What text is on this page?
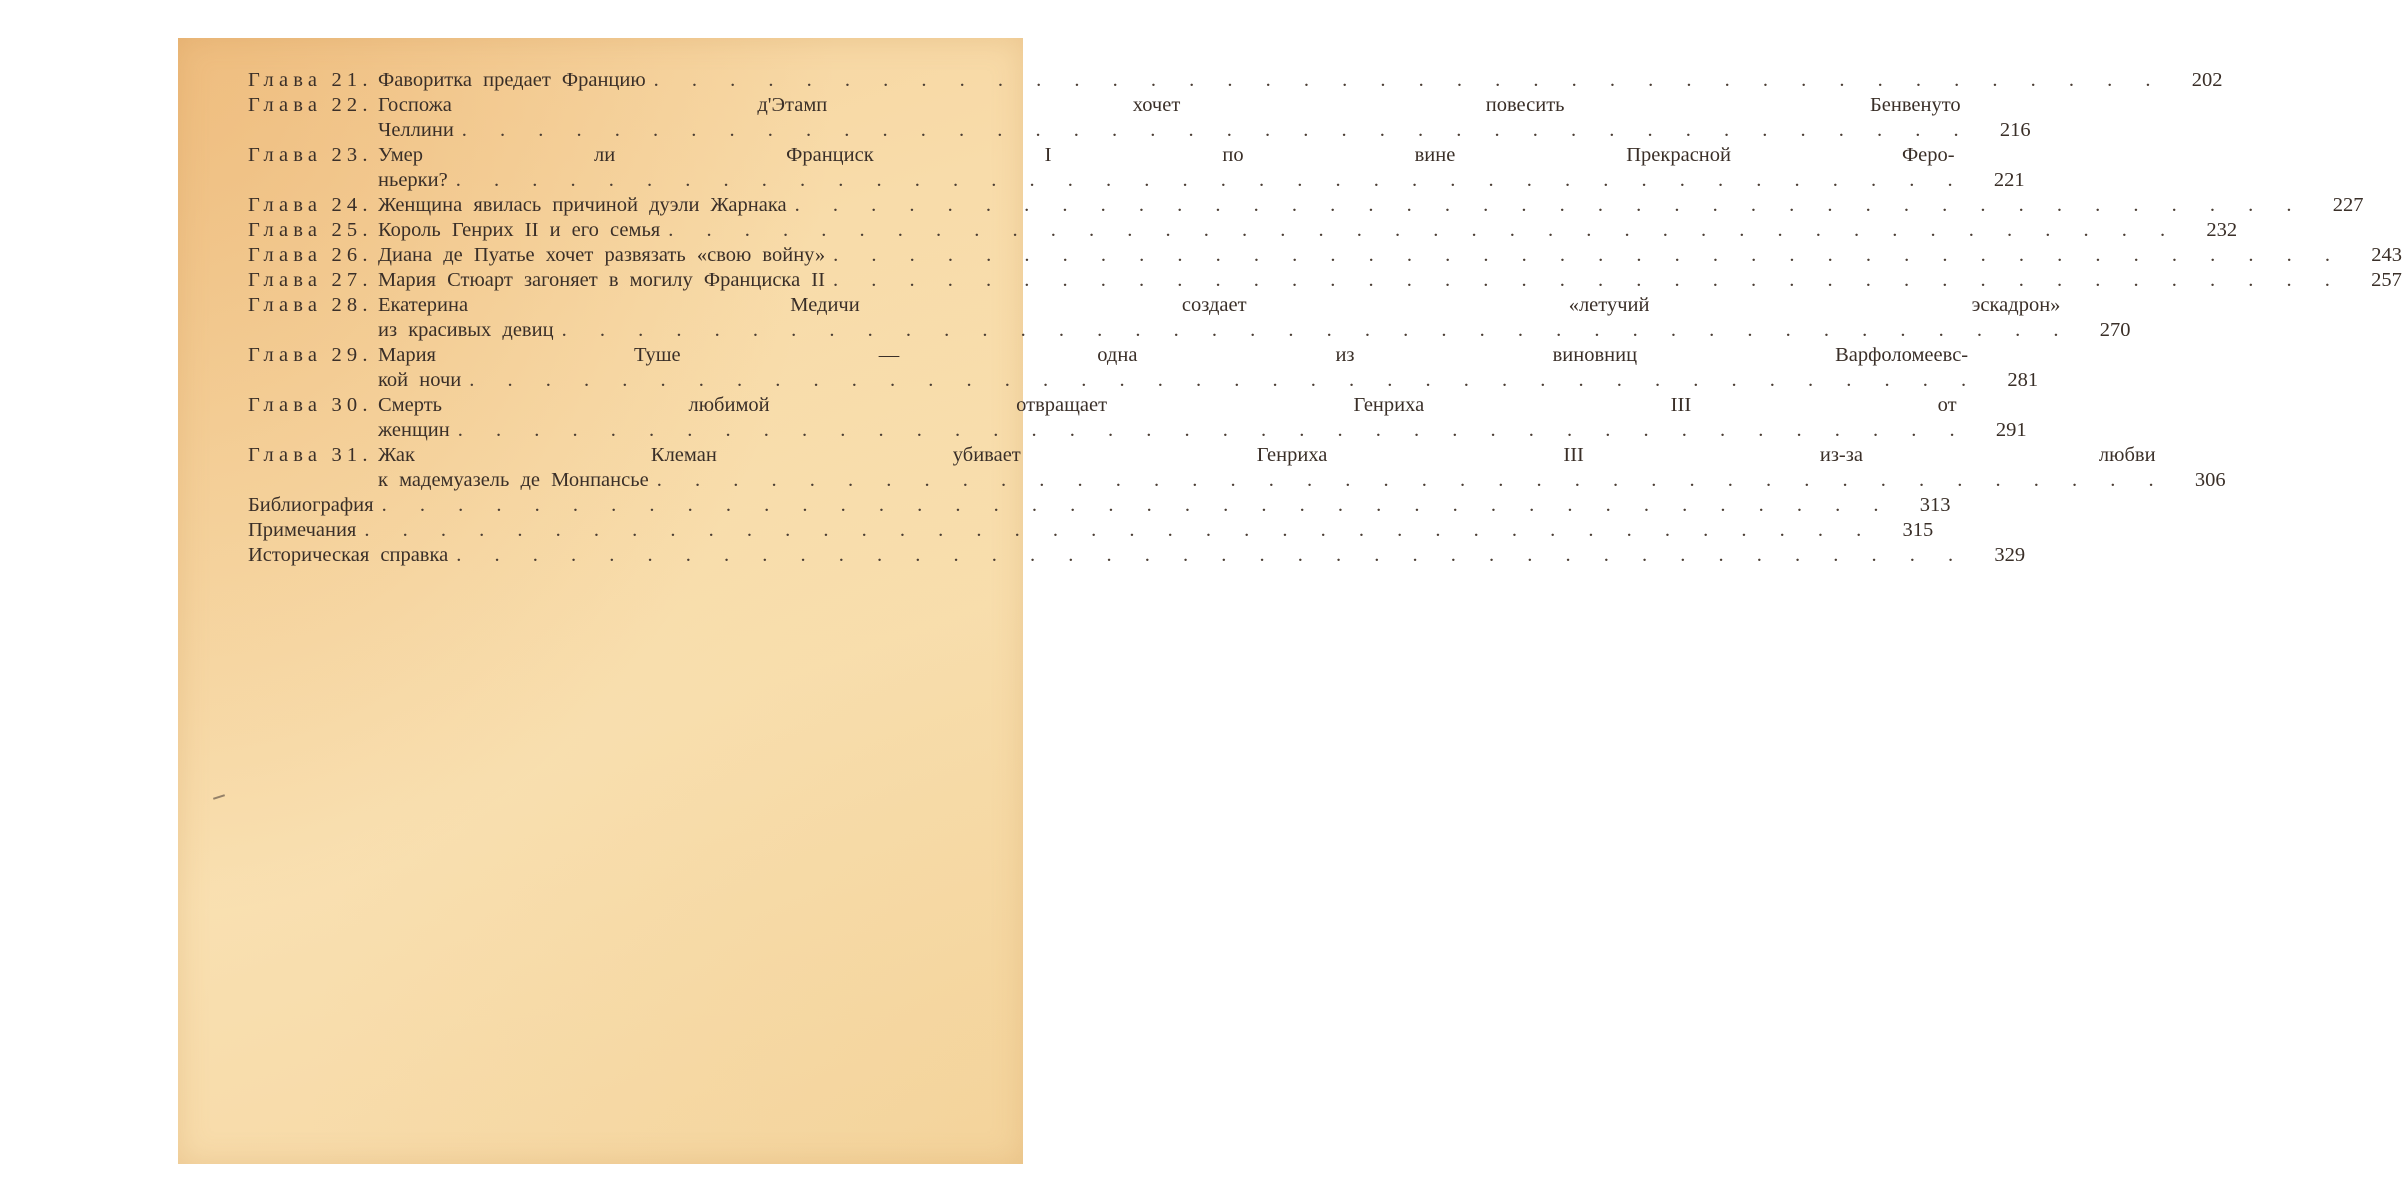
Глава 21. Фаворитка предает Францию . . . . . . . . . . . . . . . . . . . . . . . . . . . . . . . . . . . . . . . .	202
Глава 22. Госпожа д'Этамп хочет повесить Бенвенуто
Челлини . . . . . . . . . . . . . . . . . . . . . . . . . . . . . . . . . . . . . . . .	216
Глава 23. Умер ли Франциск I по вине Прекрасной Феро-
ньерки? . . . . . . . . . . . . . . . . . . . . . . . . . . . . . . . . . . . . . . . .	221
Глава 24. Женщина явилась причиной дуэли Жарнака . . . . . . . . . . . . . . . . . . . . . . . . . . . . . . . . . . . . . . . .	227
Глава 25. Король Генрих II и его семья . . . . . . . . . . . . . . . . . . . . . . . . . . . . . . . . . . . . . . . .	232
Глава 26. Диана де Пуатье хочет развязать «свою войну» . . . . . . . . . . . . . . . . . . . . . . . . . . . . . . . . . . . . . . . .	243
Глава 27. Мария Стюарт загоняет в могилу Франциска II . . . . . . . . . . . . . . . . . . . . . . . . . . . . . . . . . . . . . . . .	257
Глава 28. Екатерина Медичи создает «летучий эскадрон»
из красивых девиц . . . . . . . . . . . . . . . . . . . . . . . . . . . . . . . . . . . . . . . .	270
Глава 29. Мария Туше — одна из виновниц Варфоломеевс-
кой ночи . . . . . . . . . . . . . . . . . . . . . . . . . . . . . . . . . . . . . . . .	281
Глава 30. Смерть любимой отвращает Генриха III от
женщин . . . . . . . . . . . . . . . . . . . . . . . . . . . . . . . . . . . . . . . .	291
Глава 31. Жак Клеман убивает Генриха III из-за любви
к мадемуазель де Монпансье . . . . . . . . . . . . . . . . . . . . . . . . . . . . . . . . . . . . . . . .	306
Библиография . . . . . . . . . . . . . . . . . . . . . . . . . . . . . . . . . . . . . . . .	313
Примечания . . . . . . . . . . . . . . . . . . . . . . . . . . . . . . . . . . . . . . . .	315
Историческая справка . . . . . . . . . . . . . . . . . . . . . . . . . . . . . . . . . . . . . . . .	329
